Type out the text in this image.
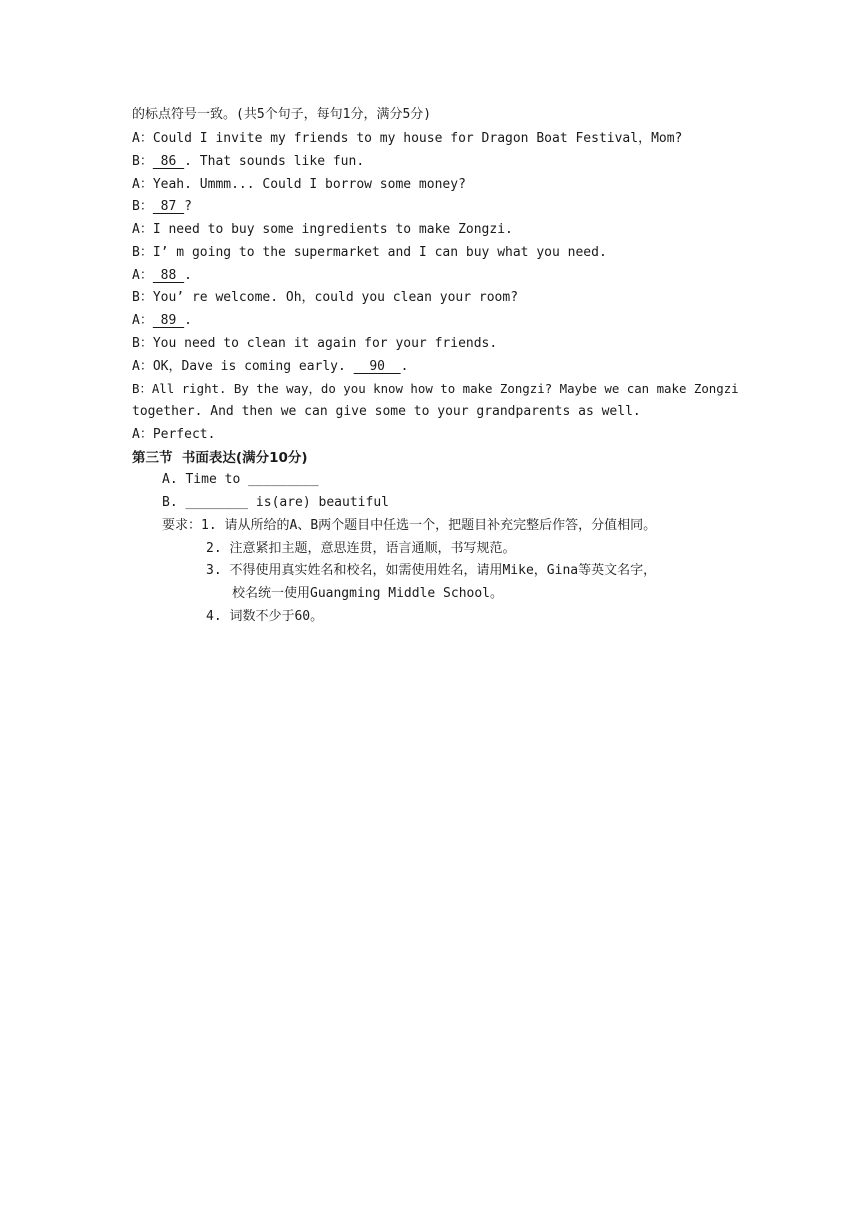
的标点符号一致。(共5个句子，每句1分，满分5分)
A：Could I invite my friends to my house for Dragon Boat Festival，Mom?
B： 86 . That sounds like fun.
A：Yeah. Ummm... Could I borrow some money?
B： 87 ?
A：I need to buy some ingredients to make Zongzi.
B：I’ m going to the supermarket and I can buy what you need.
A： 88 .
B：You’ re welcome. Oh，could you clean your room?
A： 89 .
B：You need to clean it again for your friends.
A：OK，Dave is coming early.   90  .
B：All right. By the way，do you know how to make Zongzi? Maybe we can make Zongzi
together. And then we can give some to your grandparents as well.
A：Perfect.
第三节  书面表达(满分10分)
A. Time to _________
B. ________ is(are) beautiful
要求：1. 请从所给的A、B两个题目中任选一个，把题目补充完整后作答，分值相同。
2. 注意紧扣主题，意思连贯，语言通顺，书写规范。
3. 不得使用真实姓名和校名，如需使用姓名，请用Mike，Gina等英文名字，
校名统一使用Guangming Middle School。
4. 词数不少于60。
